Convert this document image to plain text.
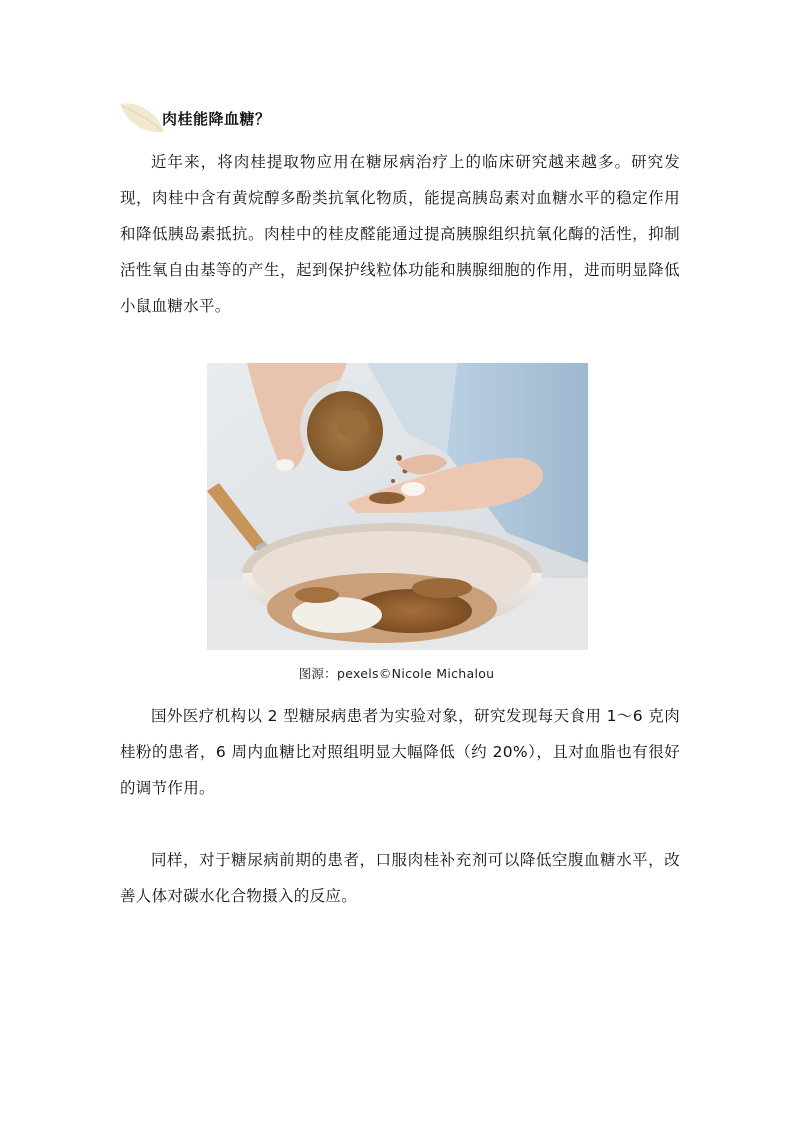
肉桂能降血糖？

近年来，将肉桂提取物应用在糖尿病治疗上的临床研究越来越多。研究发现，肉桂中含有黄烷醇多酚类抗氧化物质，能提高胰岛素对血糖水平的稳定作用和降低胰岛素抵抗。肉桂中的桂皮醛能通过提高胰腺组织抗氧化酶的活性，抑制活性氧自由基等的产生，起到保护线粒体功能和胰腺细胞的作用，进而明显降低小鼠血糖水平。

图源：pexels©Nicole Michalou

国外医疗机构以 2 型糖尿病患者为实验对象，研究发现每天食用 1～6 克肉桂粉的患者，6 周内血糖比对照组明显大幅降低（约 20%），且对血脂也有很好的调节作用。

同样，对于糖尿病前期的患者，口服肉桂补充剂可以降低空腹血糖水平，改善人体对碳水化合物摄入的反应。
